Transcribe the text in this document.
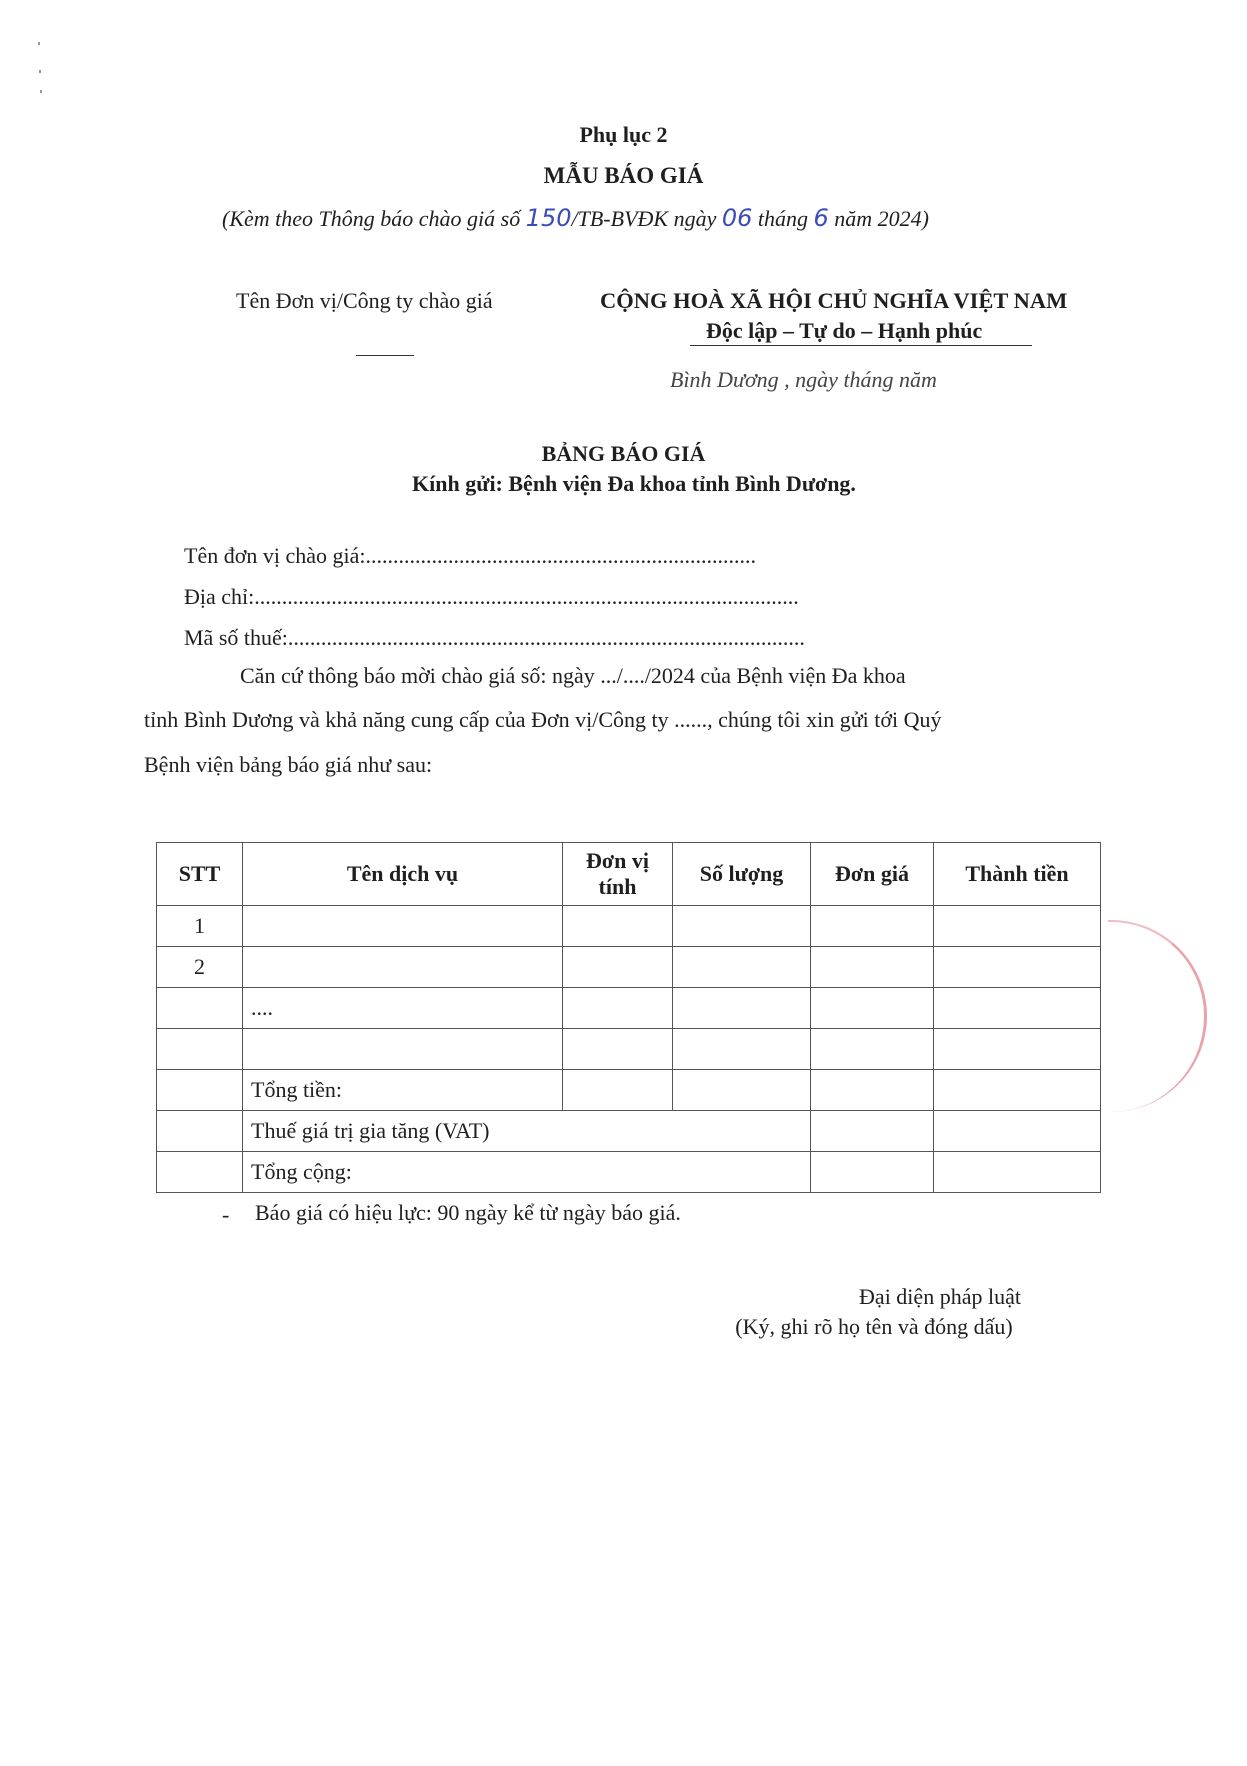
Phụ lục 2
MẪU BÁO GIÁ
(Kèm theo Thông báo chào giá số 150/TB-BVĐK ngày 06 tháng 6 năm 2024)
Tên Đơn vị/Công ty chào giá	CỘNG HOÀ XÃ HỘI CHỦ NGHĨA VIỆT NAM
Độc lập – Tự do – Hạnh phúc
Bình Dương , ngày tháng năm
BẢNG BÁO GIÁ
Kính gửi: Bệnh viện Đa khoa tỉnh Bình Dương.
Tên đơn vị chào giá:.......................................................................
Địa chỉ:...................................................................................................
Mã số thuế:..............................................................................................
Căn cứ thông báo mời chào giá số: ngày .../..../2024 của Bệnh viện Đa khoa
tỉnh Bình Dương và khả năng cung cấp của Đơn vị/Công ty ......, chúng tôi xin gửi tới Quý
Bệnh viện bảng báo giá như sau:
STT	Tên dịch vụ	Đơn vị tính	Số lượng	Đơn giá	Thành tiền
1					
2					
	....				

	Tổng tiền:				
	Thuế giá trị gia tăng (VAT)				
	Tổng cộng:				
- Báo giá có hiệu lực: 90 ngày kể từ ngày báo giá.
Đại diện pháp luật
(Ký, ghi rõ họ tên và đóng dấu)
